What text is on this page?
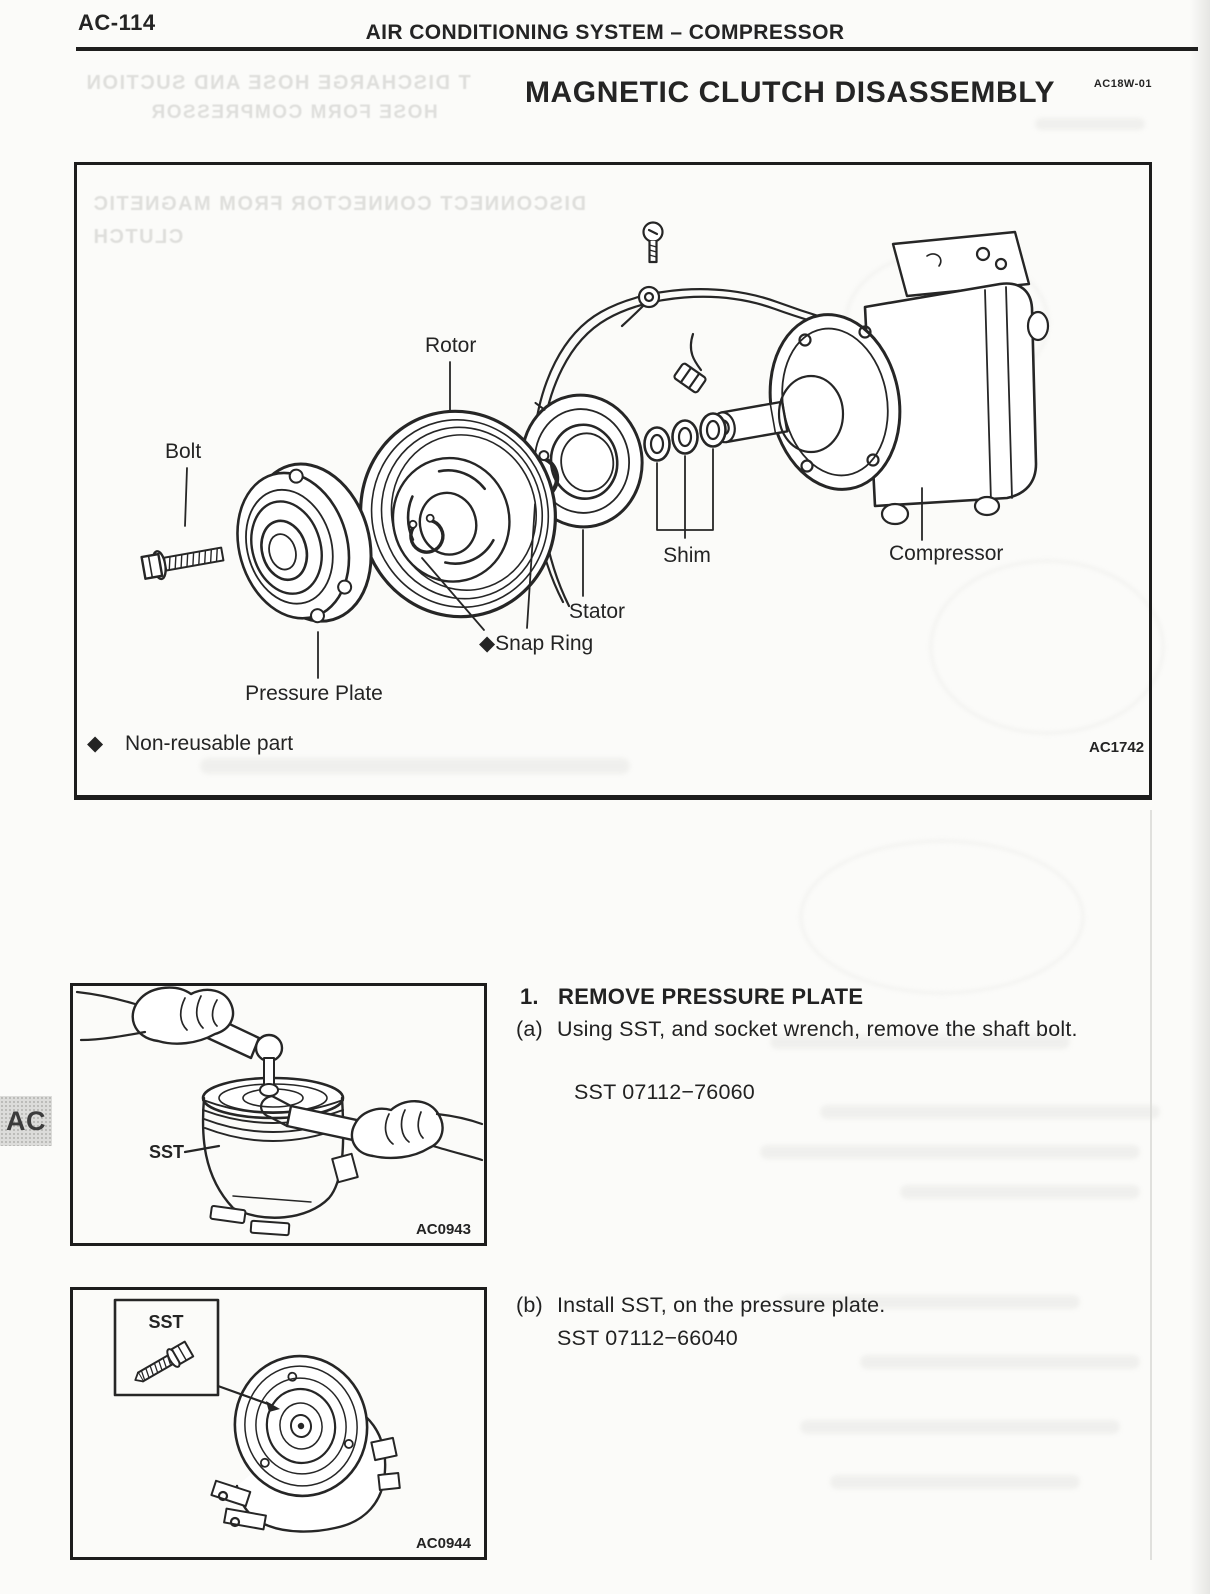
T DISCHARGE HOSE AND SUCTION
HOSE FORM COMPRESSOR
DISCONNECT CONNECTOR FROM MAGNETIC
CLUTCH
AC-114	AIR CONDITIONING SYSTEM – COMPRESSOR
MAGNETIC CLUTCH DISASSEMBLY	AC18W-01
Bolt
Rotor
Pressure Plate
◆Snap Ring
Stator
Shim	Compressor
◆ Non-reusable part	AC1742
SST
AC0943
SST
AC0944
1. REMOVE PRESSURE PLATE
(a) Using SST, and socket wrench, remove the shaft bolt.
SST 07112−76060
(b) Install SST, on the pressure plate.
SST 07112−66040
AC
